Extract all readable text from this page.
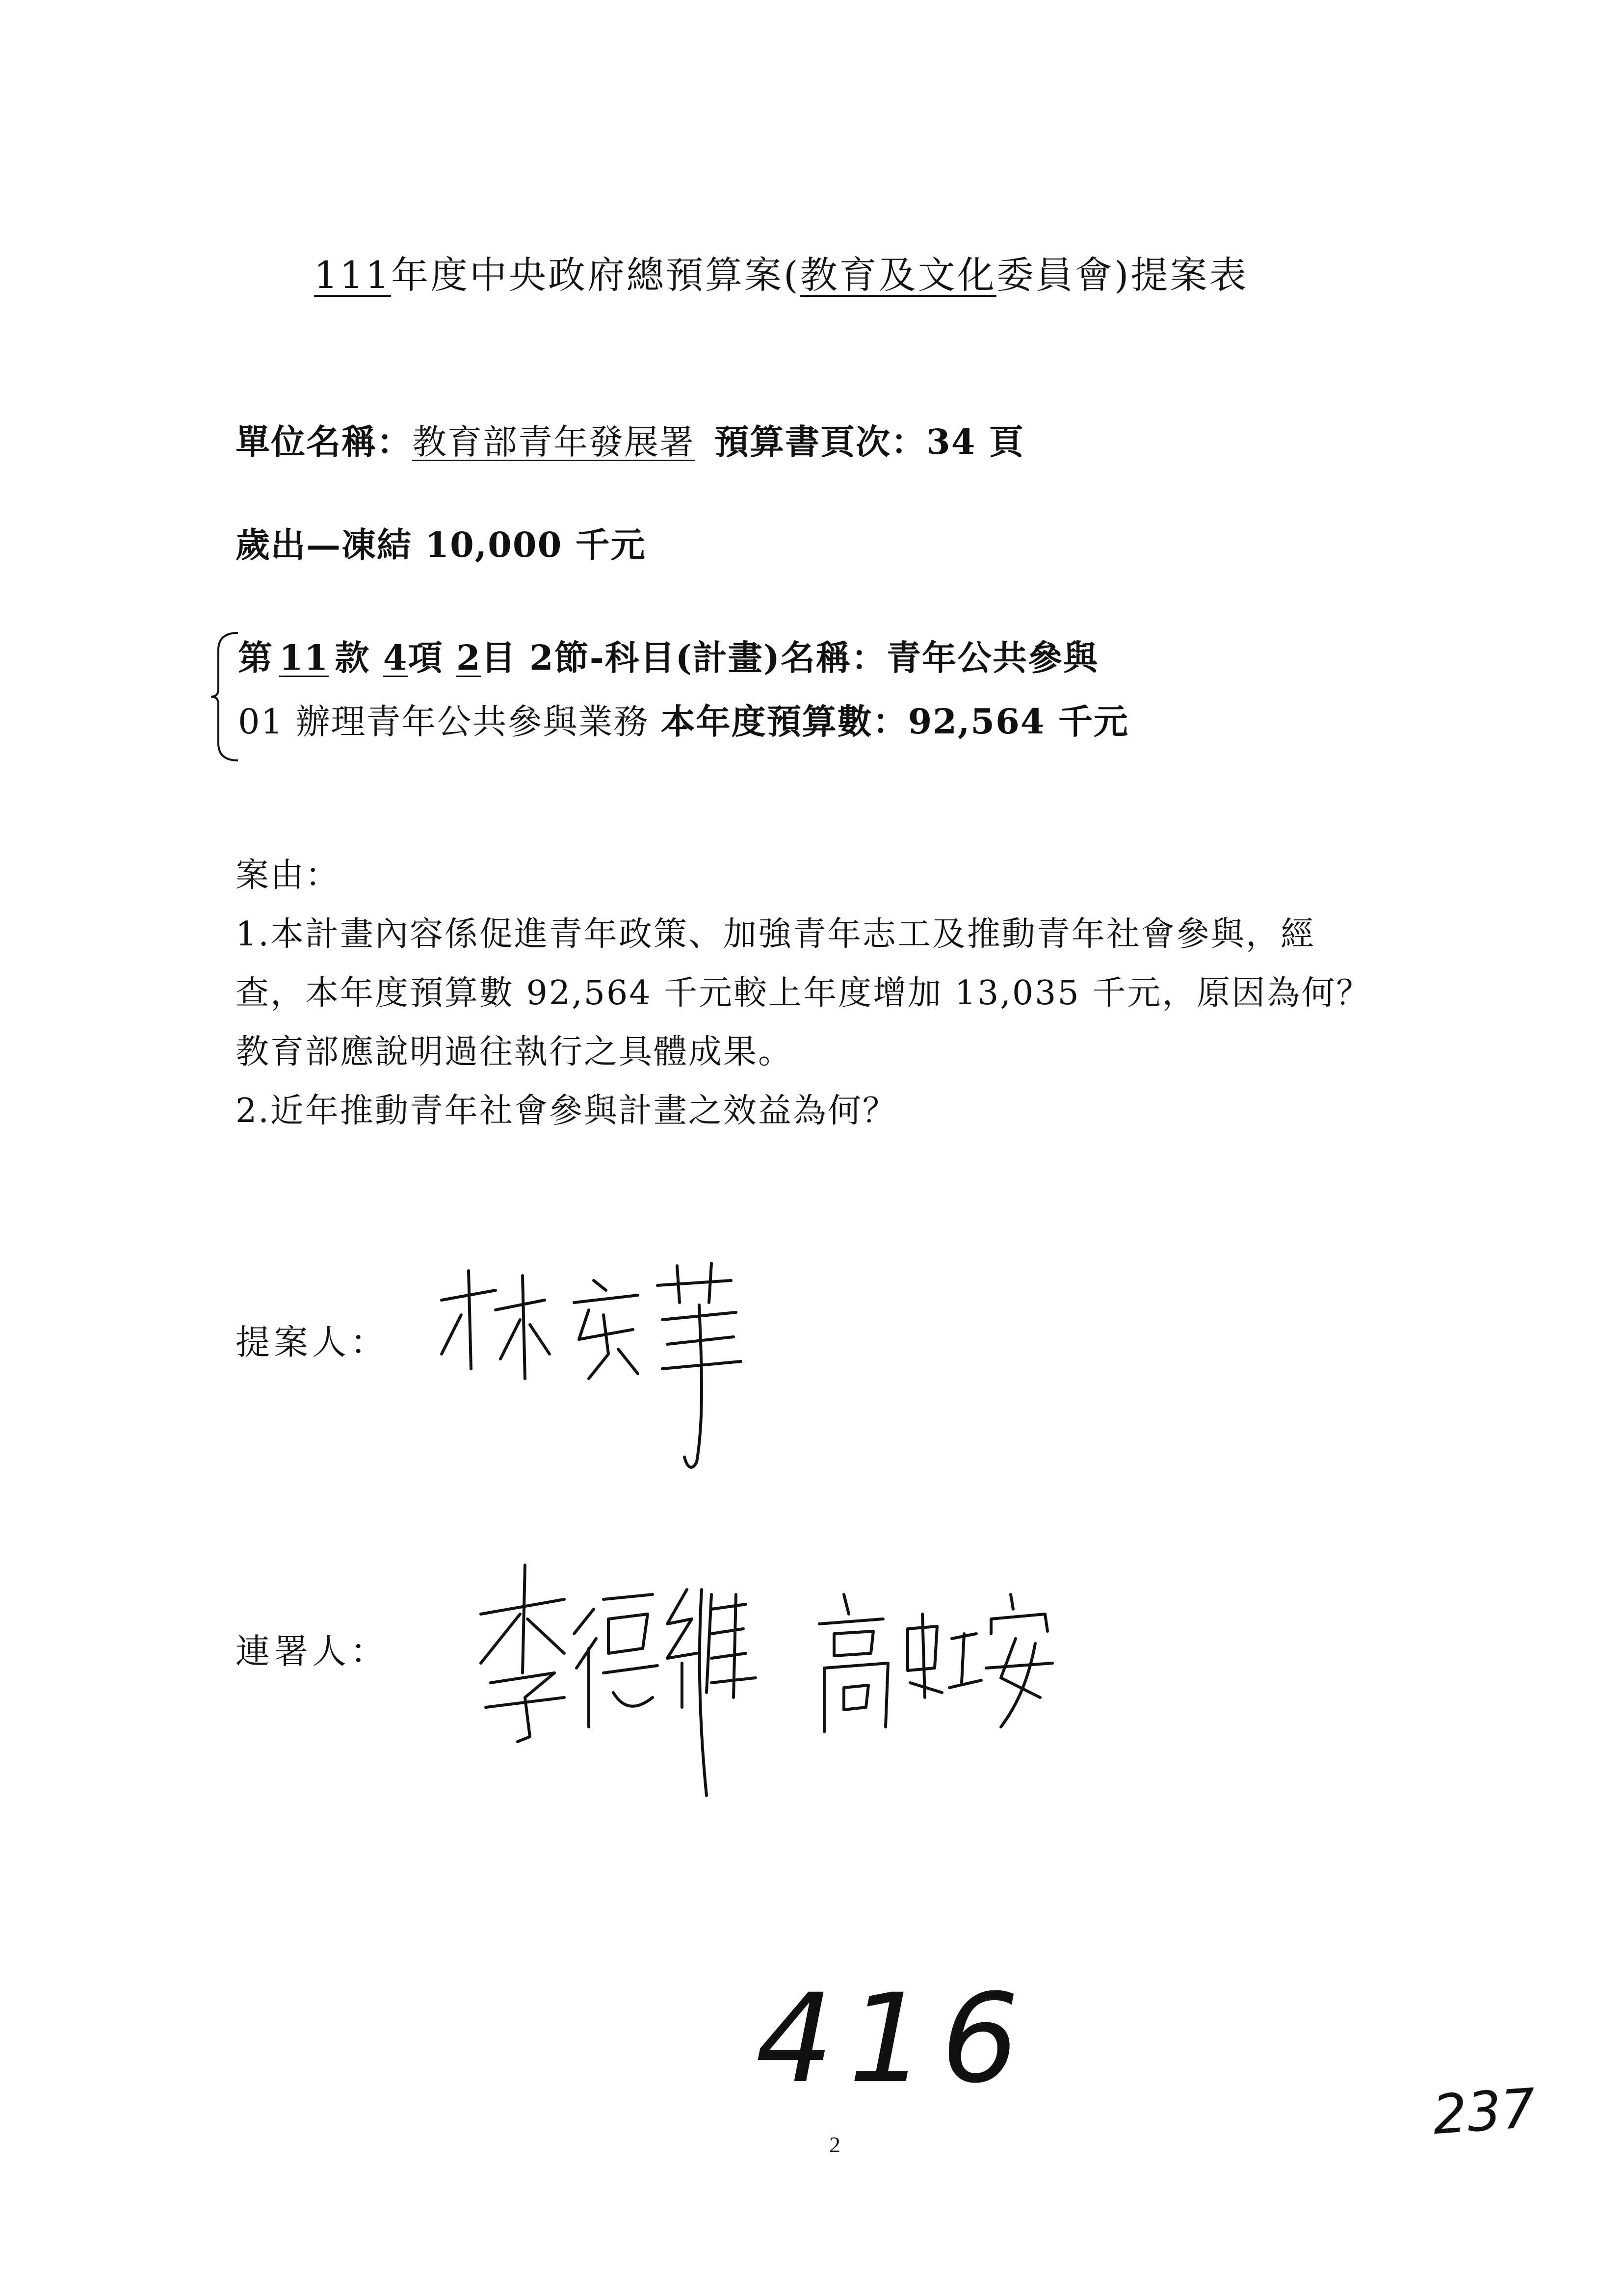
111年度中央政府總預算案(教育及文化委員會)提案表
單位名稱：教育部青年發展署 預算書頁次：34 頁
歲出—凍結 10,000 千元
第 11 款 4項 2目 2節-科目(計畫)名稱：青年公共參與
01 辦理青年公共參與業務 本年度預算數：92,564 千元
案由：
1.本計畫內容係促進青年政策、加強青年志工及推動青年社會參與，經
查，本年度預算數 92,564 千元較上年度增加 13,035 千元，原因為何？
教育部應說明過往執行之具體成果。
2.近年推動青年社會參與計畫之效益為何？
提案人：
連署人：
416
2	237
